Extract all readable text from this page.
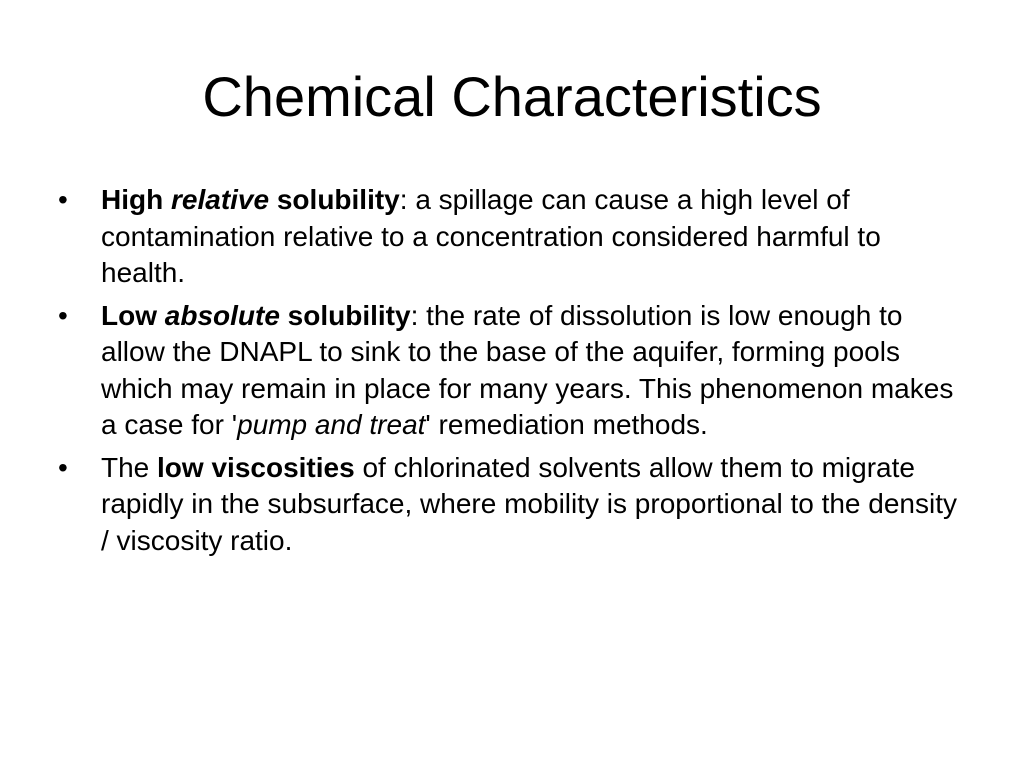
Chemical Characteristics
•	High relative solubility: a spillage can cause a high level of contamination relative to a concentration considered harmful to health.
•	Low absolute solubility: the rate of dissolution is low enough to allow the DNAPL to sink to the base of the aquifer, forming pools which may remain in place for many years. This phenomenon makes a case for 'pump and treat' remediation methods.
•	The low viscosities of chlorinated solvents allow them to migrate rapidly in the subsurface, where mobility is proportional to the density / viscosity ratio.
